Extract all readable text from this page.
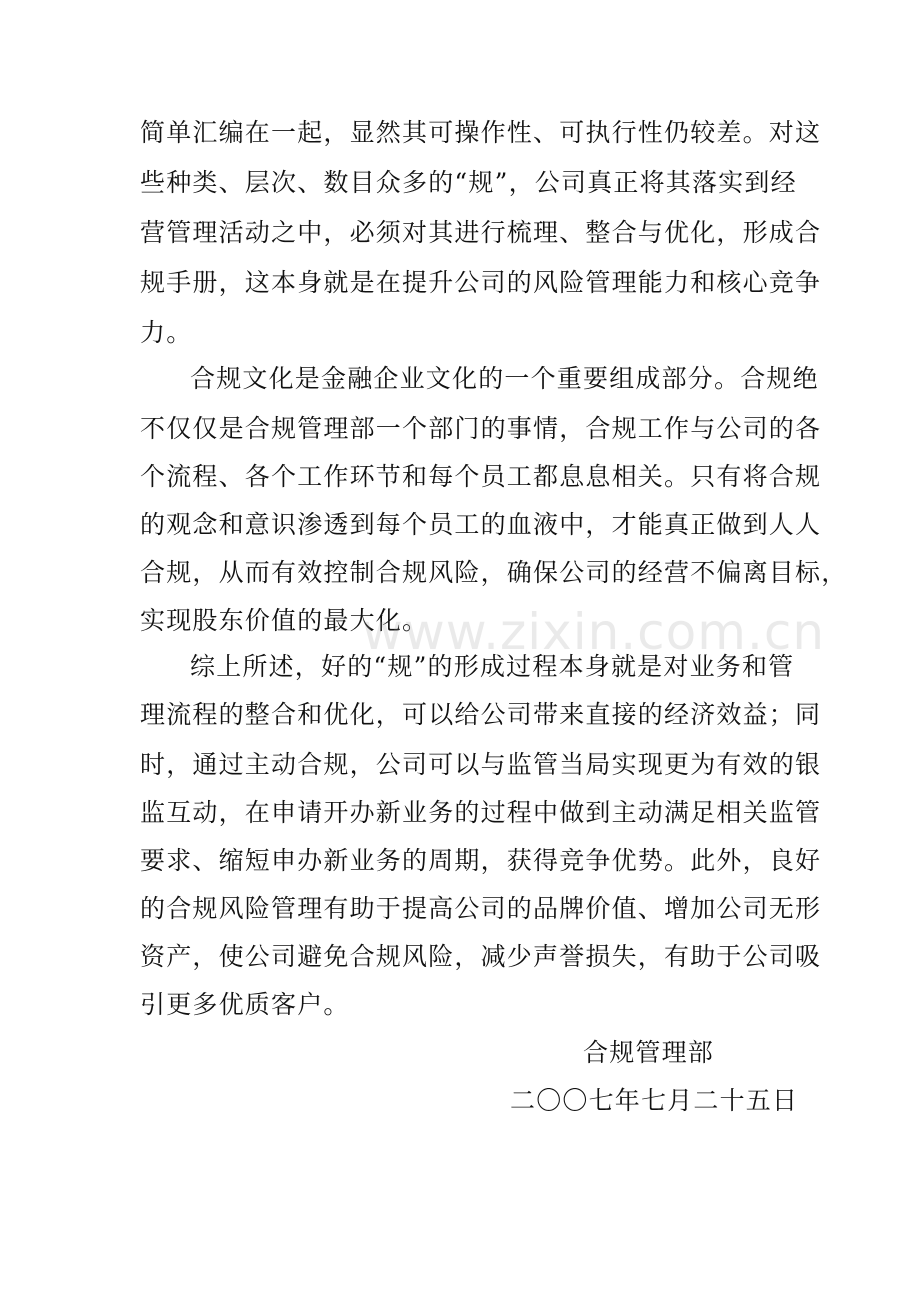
简单汇编在一起，显然其可操作性、可执行性仍较差。对这
些种类、层次、数目众多的“规”，公司真正将其落实到经
营管理活动之中，必须对其进行梳理、整合与优化，形成合
规手册，这本身就是在提升公司的风险管理能力和核心竞争
力。
合规文化是金融企业文化的一个重要组成部分。合规绝
不仅仅是合规管理部一个部门的事情，合规工作与公司的各
个流程、各个工作环节和每个员工都息息相关。只有将合规
的观念和意识渗透到每个员工的血液中，才能真正做到人人
合规，从而有效控制合规风险，确保公司的经营不偏离目标，
实现股东价值的最大化。
综上所述，好的“规”的形成过程本身就是对业务和管
理流程的整合和优化，可以给公司带来直接的经济效益；同
时，通过主动合规，公司可以与监管当局实现更为有效的银
监互动，在申请开办新业务的过程中做到主动满足相关监管
要求、缩短申办新业务的周期，获得竞争优势。此外，良好
的合规风险管理有助于提高公司的品牌价值、增加公司无形
资产，使公司避免合规风险，减少声誉损失，有助于公司吸
引更多优质客户。
www.zixin.com.cn
合规管理部
二〇〇七年七月二十五日
